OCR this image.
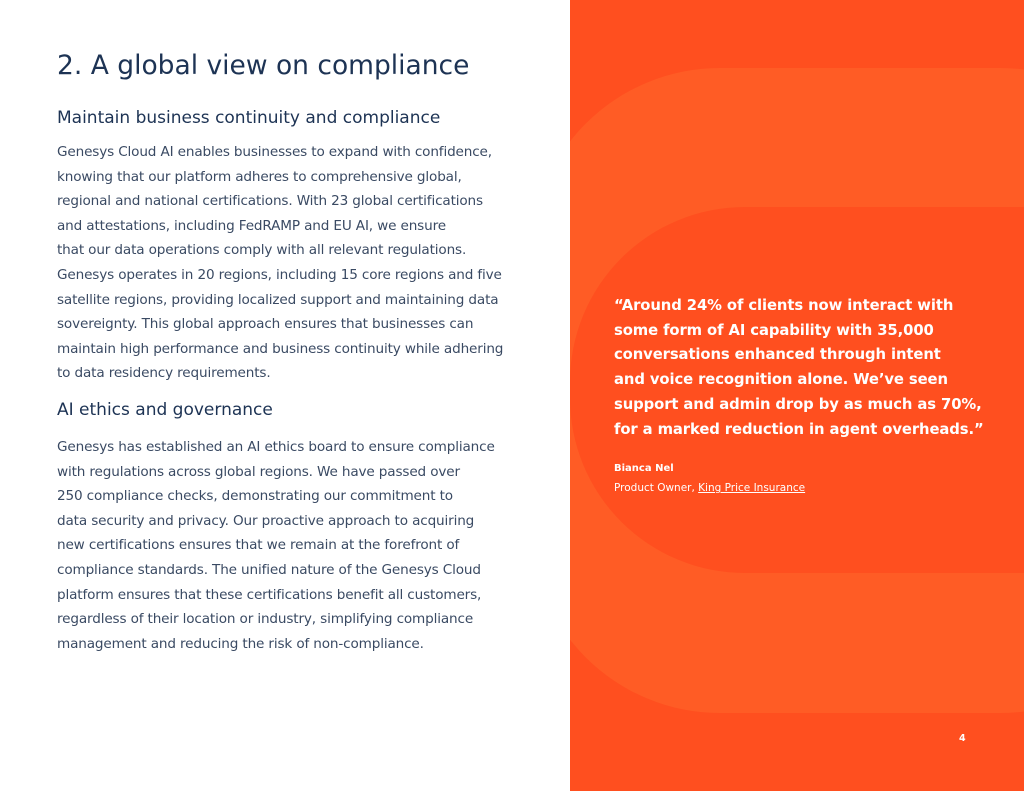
2. A global view on compliance
Maintain business continuity and compliance
Genesys Cloud AI enables businesses to expand with confidence,
knowing that our platform adheres to comprehensive global,
regional and national certifications. With 23 global certifications
and attestations, including FedRAMP and EU AI, we ensure
that our data operations comply with all relevant regulations.
Genesys operates in 20 regions, including 15 core regions and five
satellite regions, providing localized support and maintaining data
sovereignty. This global approach ensures that businesses can
maintain high performance and business continuity while adhering
to data residency requirements.
AI ethics and governance
Genesys has established an AI ethics board to ensure compliance
with regulations across global regions. We have passed over
250 compliance checks, demonstrating our commitment to
data security and privacy. Our proactive approach to acquiring
new certifications ensures that we remain at the forefront of
compliance standards. The unified nature of the Genesys Cloud
platform ensures that these certifications benefit all customers,
regardless of their location or industry, simplifying compliance
management and reducing the risk of non-compliance.
“Around 24% of clients now interact with
some form of AI capability with 35,000
conversations enhanced through intent
and voice recognition alone. We’ve seen
support and admin drop by as much as 70%,
for a marked reduction in agent overheads.”

Bianca Nel

Product Owner, King Price Insurance

4
